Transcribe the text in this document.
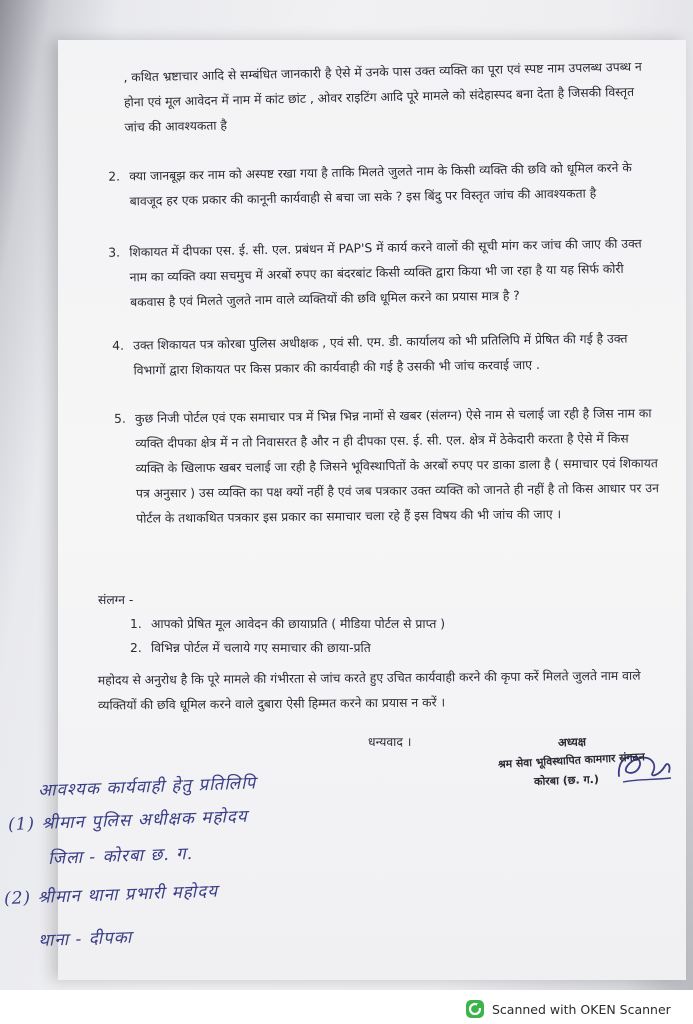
, कथित भ्रष्टाचार आदि से सम्बंधित जानकारी है ऐसे में उनके पास उक्त व्यक्ति का पूरा एवं स्पष्ट नाम उपलब्ध उपब्ध न होना एवं मूल आवेदन में नाम में कांट छांट , ओवर राइटिंग आदि पूरे मामले को संदेहास्पद बना देता है जिसकी विस्तृत जांच की आवश्यकता है

2. क्या जानबूझ कर नाम को अस्पष्ट रखा गया है ताकि मिलते जुलते नाम के किसी व्यक्ति की छवि को धूमिल करने के बावजूद हर एक प्रकार की कानूनी कार्यवाही से बचा जा सके ? इस बिंदु पर विस्तृत जांच की आवश्यकता है
3. शिकायत में दीपका एस. ई. सी. एल. प्रबंधन में PAP'S में कार्य करने वालों की सूची मांग कर जांच की जाए की उक्त नाम का व्यक्ति क्या सचमुच में अरबों रुपए का बंदरबांट किसी व्यक्ति द्वारा किया भी जा रहा है या यह सिर्फ कोरी बकवास है एवं मिलते जुलते नाम वाले व्यक्तियों की छवि धूमिल करने का प्रयास मात्र है ?
4. उक्त शिकायत पत्र कोरबा पुलिस अधीक्षक , एवं सी. एम. डी. कार्यालय को भी प्रतिलिपि में प्रेषित की गई है उक्त विभागों द्वारा शिकायत पर किस प्रकार की कार्यवाही की गई है उसकी भी जांच करवाई जाए .
5. कुछ निजी पोर्टल एवं एक समाचार पत्र में भिन्न भिन्न नामों से खबर (संलग्न) ऐसे नाम से चलाई जा रही है जिस नाम का व्यक्ति दीपका क्षेत्र में न तो निवासरत है और न ही दीपका एस. ई. सी. एल. क्षेत्र में ठेकेदारी करता है ऐसे में किस व्यक्ति के खिलाफ खबर चलाई जा रही है जिसने भूविस्थापितों के अरबों रुपए पर डाका डाला है ( समाचार एवं शिकायत पत्र अनुसार ) उस व्यक्ति का पक्ष क्यों नहीं है एवं जब पत्रकार उक्त व्यक्ति को जानते ही नहीं है तो किस आधार पर उन पोर्टल के तथाकथित पत्रकार इस प्रकार का समाचार चला रहे हैं इस विषय की भी जांच की जाए ।

संलग्न -

1. आपको प्रेषित मूल आवेदन की छायाप्रति ( मीडिया पोर्टल से प्राप्त )
2. विभिन्न पोर्टल में चलाये गए समाचार की छाया-प्रति

महोदय से अनुरोध है कि पूरे मामले की गंभीरता से जांच करते हुए उचित कार्यवाही करने की कृपा करें मिलते जुलते नाम वाले व्यक्तियों की छवि धूमिल करने वाले दुबारा ऐसी हिम्मत करने का प्रयास न करें ।

धन्यवाद ।	अध्यक्ष

श्रम सेवा भूविस्थापित कामगार संगठन

कोरबा (छ. ग.)

आवश्यक कार्यवाही हेतु प्रतिलिपि
(1) श्रीमान पुलिस अधीक्षक महोदय
जिला - कोरबा छ. ग.
(2) श्रीमान थाना प्रभारी महोदय
थाना - दीपका
Scanned with OKEN Scanner
